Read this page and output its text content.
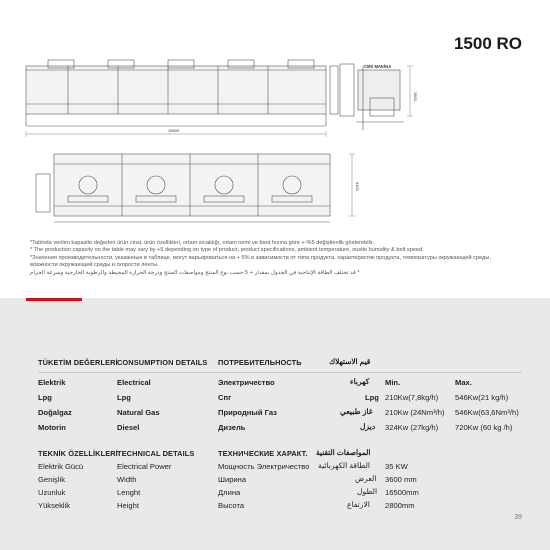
1500 RO
CMS MAKİNA
15500
2800
6100

*Tabloda verilen kapasite değerleri ürün cinsi, ürün özellikleri, ortam sıcaklığı, ortam nemi ve bant hızına göre +-%5 değişkenlik gösterebilir.

* The production capacity on the table may vary by +5 depending on type of product, product specifications, ambient temperature, ousite humidity & belt speed.

*Значения производительности, указанные в таблице, могут варьироваться на + 5% в зависимости от типа продукта, характеристик продукта, температуры окружающей среды, влажности окружающей среды и скорости ленты.

* قد تختلف الطاقة الإنتاجية في الجدول بمقدار + 5 حسب نوع المنتج ومواصفات المنتج ودرجة الحرارة المحيطة والرطوبة الخارجية وسرعة الحزام

TÜKETİM DEĞERLERİ CONSUMPTION DETAILS ПОТРЕБИТЕЛЬНОСТЬ	قيم الاستهلاك
Min.	Max.
Elektrik	Electrical	Электричество	كهرباء
Lpg	Lpg	Спг	Lpg 210Kw(7,8kg/h) 546Kw(21 kg/h)
Doğalgaz	Natural Gas	Природный Газ	غاز طبيعي 210Kw (24Nm³/h) 546Kw(63,6Nm³/h)
Motorin	Diesel	Дизель	ديزل 324Kw (27kg/h) 720Kw (60 kg /h)
TEKNİK ÖZELLİKLERİ TECHNICAL DETAILS	ТЕХНИЧЕСКИЕ ХАРАКТ. المواصفات التقنية
Elektrik Gücü	Electrical Power	Мощность Электричество الطاقة الكهربائية 35 KW
Genişlik	Width	Ширина	العرض 3600 mm
Uzunluk	Lenght	Длина	الطول 16500mm
Yükseklik	Height	Высота	الارتفاع 2800mm
39
